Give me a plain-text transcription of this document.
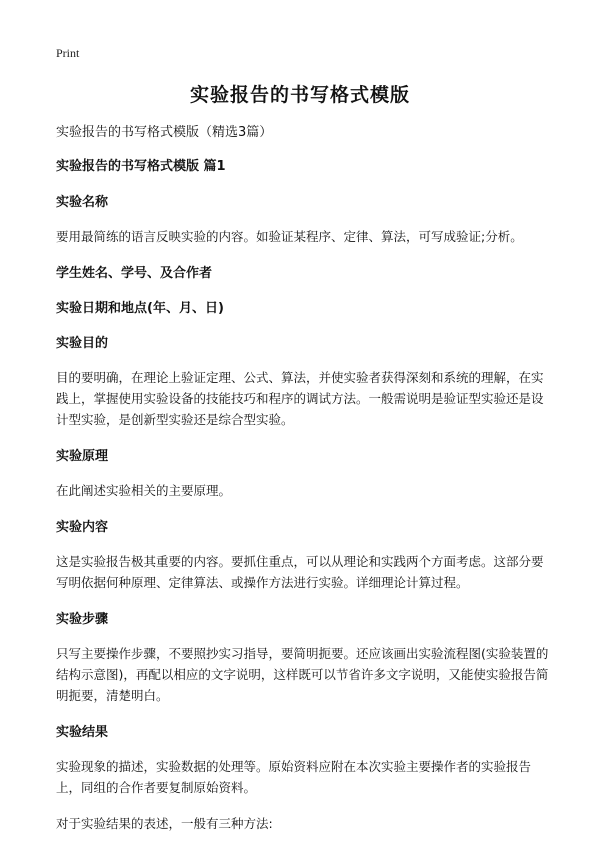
Print
实验报告的书写格式模版
实验报告的书写格式模版（精选3篇）
实验报告的书写格式模版 篇1
实验名称
要用最简练的语言反映实验的内容。如验证某程序、定律、算法，可写成验证;分析。
学生姓名、学号、及合作者
实验日期和地点(年、月、日)
实验目的
目的要明确，在理论上验证定理、公式、算法，并使实验者获得深刻和系统的理解，在实践上，掌握使用实验设备的技能技巧和程序的调试方法。一般需说明是验证型实验还是设计型实验，是创新型实验还是综合型实验。
实验原理
在此阐述实验相关的主要原理。
实验内容
这是实验报告极其重要的内容。要抓住重点，可以从理论和实践两个方面考虑。这部分要写明依据何种原理、定律算法、或操作方法进行实验。详细理论计算过程。
实验步骤
只写主要操作步骤，不要照抄实习指导，要简明扼要。还应该画出实验流程图(实验装置的结构示意图)，再配以相应的文字说明，这样既可以节省许多文字说明，又能使实验报告简明扼要，清楚明白。
实验结果
实验现象的描述，实验数据的处理等。原始资料应附在本次实验主要操作者的实验报告上，同组的合作者要复制原始资料。
对于实验结果的表述，一般有三种方法:
